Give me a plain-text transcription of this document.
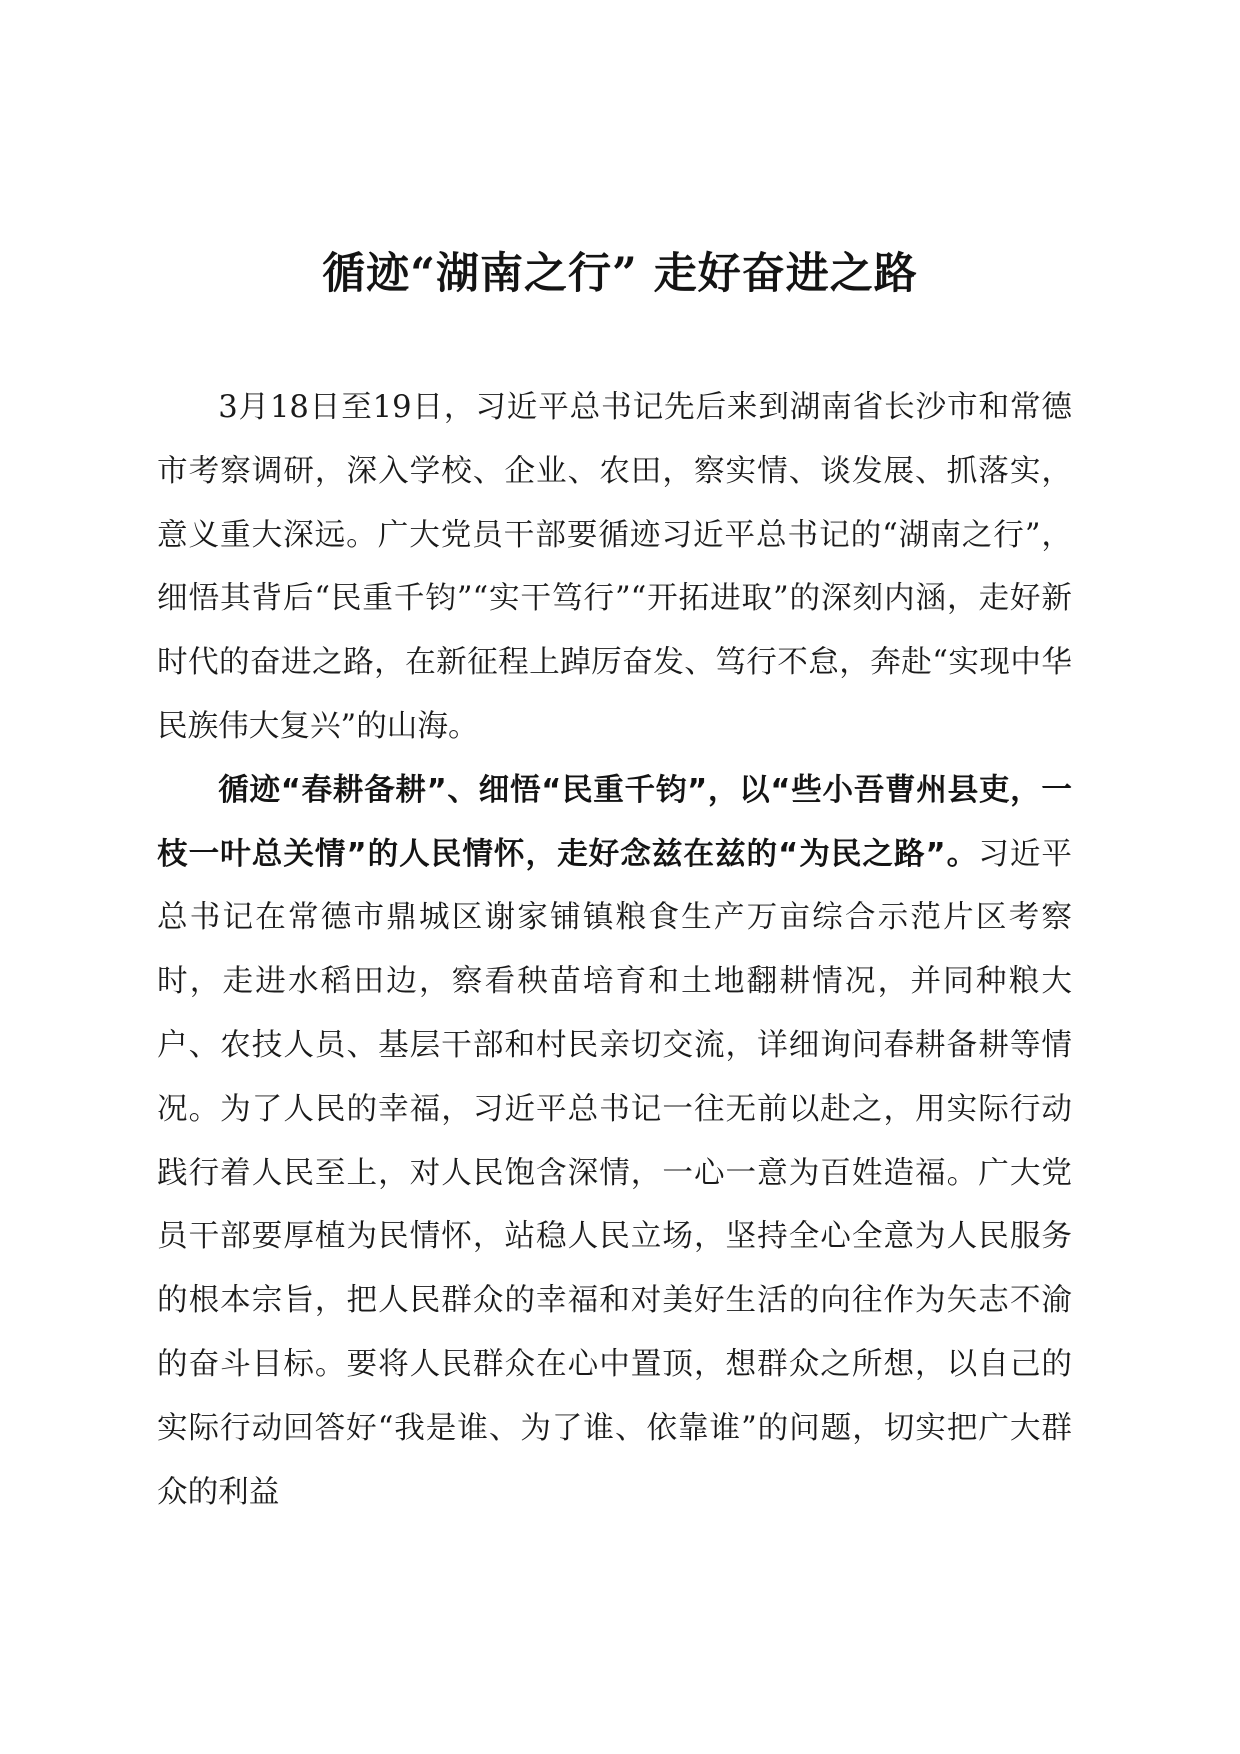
循迹“湖南之行” 走好奋进之路

3月18日至19日，习近平总书记先后来到湖南省长沙市和常德市考察调研，深入学校、企业、农田，察实情、谈发展、抓落实，意义重大深远。广大党员干部要循迹习近平总书记的“湖南之行”，细悟其背后“民重千钧”“实干笃行”“开拓进取”的深刻内涵，走好新时代的奋进之路，在新征程上踔厉奋发、笃行不怠，奔赴“实现中华民族伟大复兴”的山海。

循迹“春耕备耕”、细悟“民重千钧”，以“些小吾曹州县吏，一枝一叶总关情”的人民情怀，走好念兹在兹的“为民之路”。习近平总书记在常德市鼎城区谢家铺镇粮食生产万亩综合示范片区考察时，走进水稻田边，察看秧苗培育和土地翻耕情况，并同种粮大户、农技人员、基层干部和村民亲切交流，详细询问春耕备耕等情况。为了人民的幸福，习近平总书记一往无前以赴之，用实际行动践行着人民至上，对人民饱含深情，一心一意为百姓造福。广大党员干部要厚植为民情怀，站稳人民立场，坚持全心全意为人民服务的根本宗旨，把人民群众的幸福和对美好生活的向往作为矢志不渝的奋斗目标。要将人民群众在心中置顶，想群众之所想，以自己的实际行动回答好“我是谁、为了谁、依靠谁”的问题，切实把广大群众的利益
